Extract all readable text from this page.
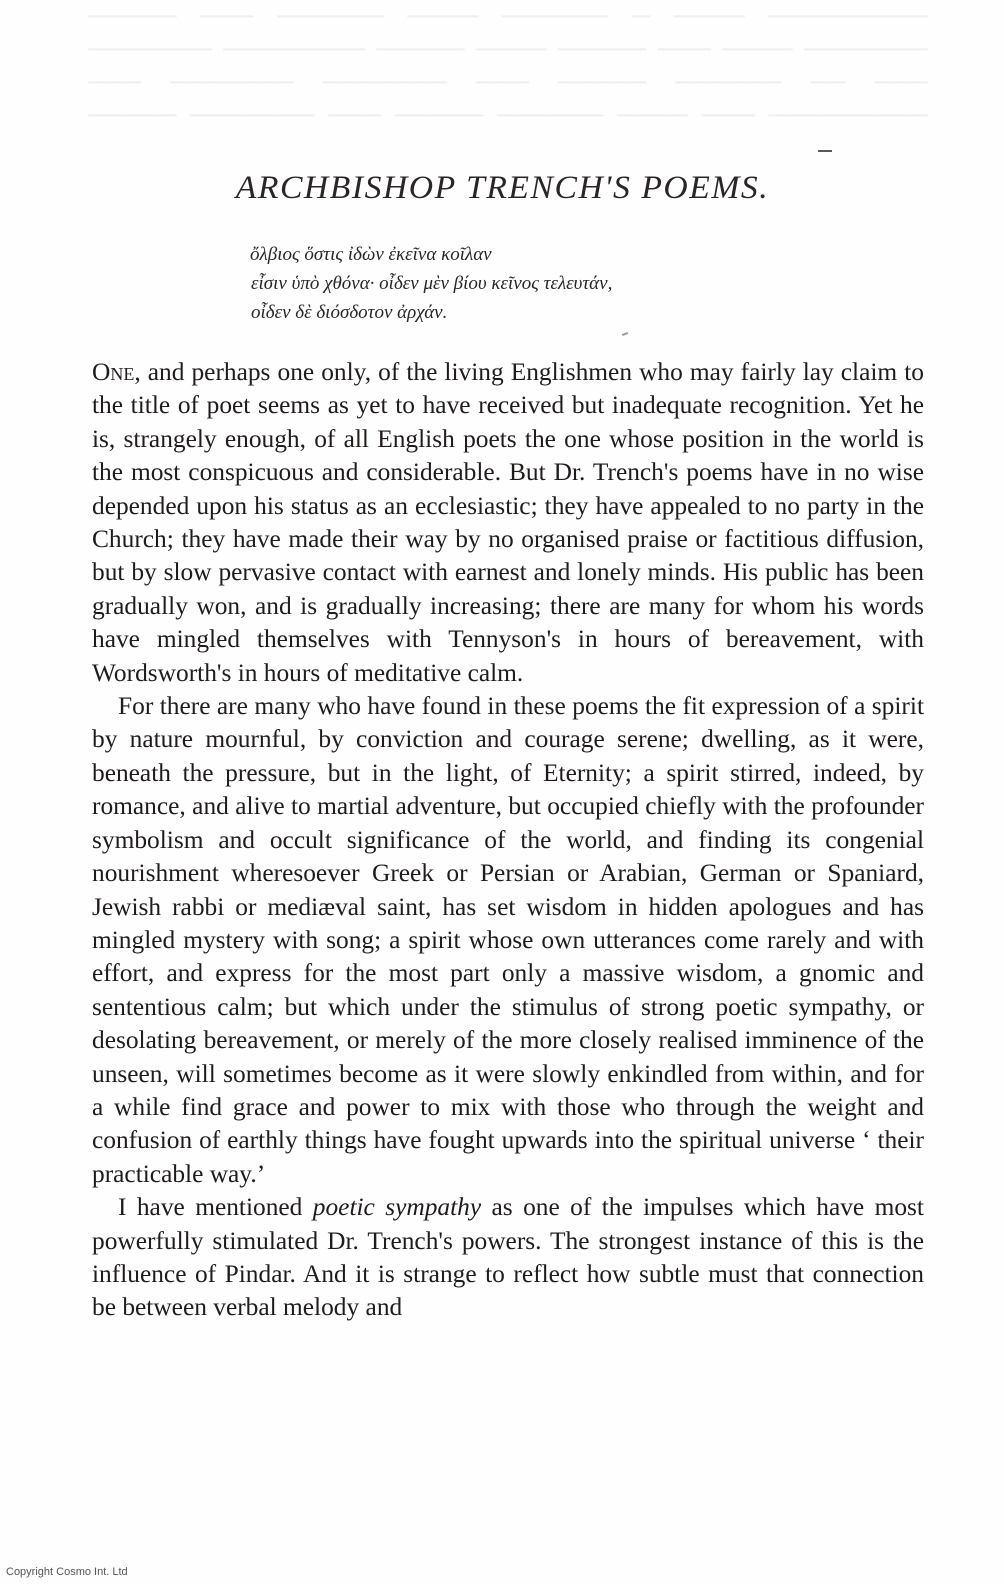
───────── ──── ─ ────── ──── ────── ─── ───── ─────── ──── ─── ───── ──── ───── ──────── ─────── ─── ── ────── ───── ─── ─────── ─────── ─── ───────── ─── ──── ────── ───── ─── ─────── ─────
ARCHBISHOP TRENCH'S POEMS.
ὄλβιος ὅστις ἰδὼν ἐκεῖνα κοῖλαν
εἶσιν ὑπὸ χθόνα· οἶδεν μὲν βίου κεῖνος τελευτάν,
οἶδεν δὲ διόσδοτον ἀρχάν.

One, and perhaps one only, of the living Englishmen who may fairly lay claim to the title of poet seems as yet to have received but inadequate recognition. Yet he is, strangely enough, of all English poets the one whose position in the world is the most conspicuous and considerable. But Dr. Trench's poems have in no wise depended upon his status as an ecclesiastic; they have appealed to no party in the Church; they have made their way by no organised praise or factitious diffusion, but by slow pervasive contact with earnest and lonely minds. His public has been gradually won, and is gradually increasing; there are many for whom his words have mingled themselves with Tennyson's in hours of bereavement, with Wordsworth's in hours of meditative calm.

For there are many who have found in these poems the fit expression of a spirit by nature mournful, by conviction and courage serene; dwelling, as it were, beneath the pressure, but in the light, of Eternity; a spirit stirred, indeed, by romance, and alive to martial adventure, but occupied chiefly with the profounder symbolism and occult significance of the world, and finding its congenial nourishment wheresoever Greek or Persian or Arabian, German or Spaniard, Jewish rabbi or mediæval saint, has set wisdom in hidden apologues and has mingled mystery with song; a spirit whose own utterances come rarely and with effort, and express for the most part only a massive wisdom, a gnomic and sententious calm; but which under the stimulus of strong poetic sympathy, or desolating bereavement, or merely of the more closely realised imminence of the unseen, will sometimes become as it were slowly enkindled from within, and for a while find grace and power to mix with those who through the weight and confusion of earthly things have fought upwards into the spiritual universe ‘ their practicable way.’

I have mentioned poetic sympathy as one of the impulses which have most powerfully stimulated Dr. Trench's powers. The strongest instance of this is the influence of Pindar. And it is strange to reflect how subtle must that connection be between verbal melody and

Copyright Cosmo Int. Ltd
